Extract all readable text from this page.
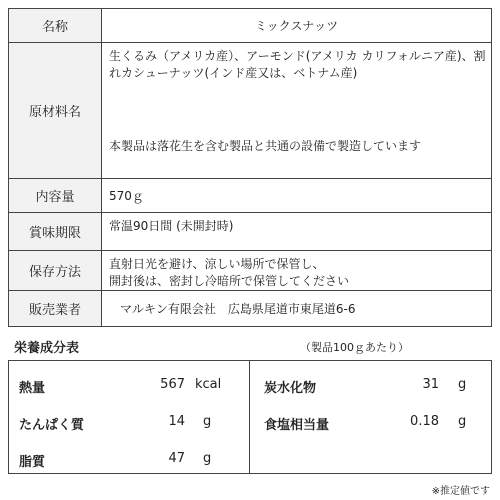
名称	ミックスナッツ
原材料名	生くるみ（アメリカ産）、アーモンド(アメリカ カリフォルニア産)、割
れカシューナッツ(インド産又は、ベトナム産)
本製品は落花生を含む製品と共通の設備で製造しています

内容量	570ｇ
賞味期限	常温90日間 (未開封時)
保存方法	直射日光を避け、涼しい場所で保管し、
開封後は、密封し冷暗所で保管してください

販売業者	マルキン有限会社　広島県尾道市東尾道6-6
栄養成分表	（製品100ｇあたり）
熱量	567 kcal
たんぱく質	14 g
脂質	47 g
炭水化物	31 g
食塩相当量	0.18 g
※推定値です
